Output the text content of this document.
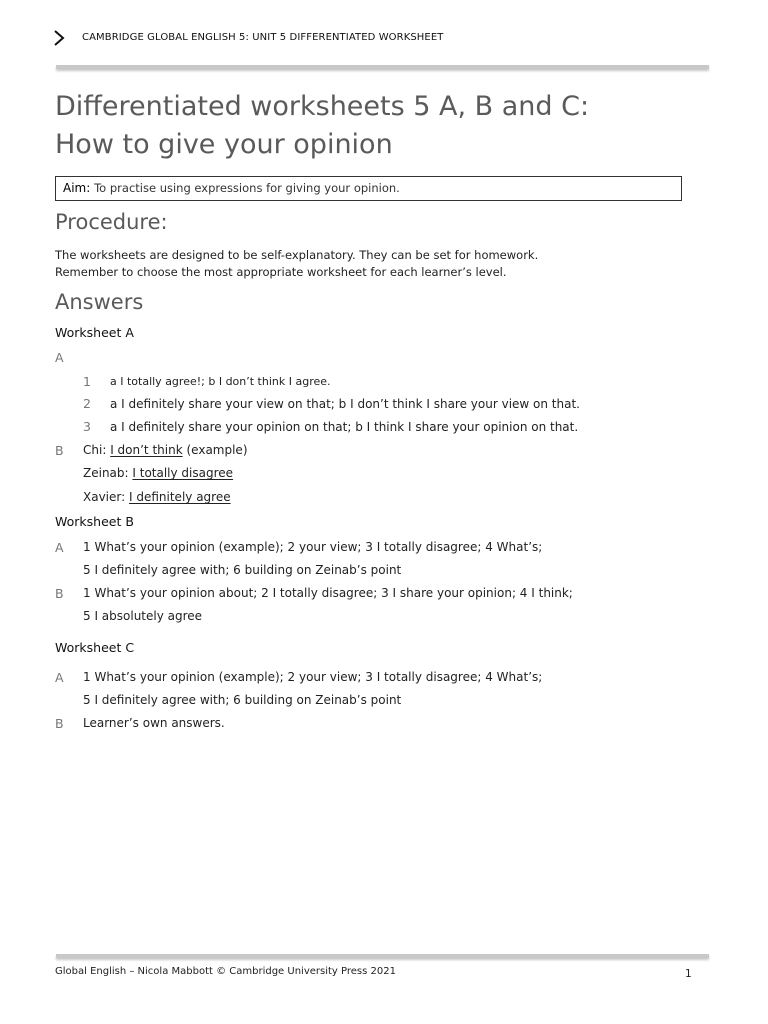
CAMBRIDGE GLOBAL ENGLISH 5: UNIT 5 DIFFERENTIATED WORKSHEET
Differentiated worksheets 5 A, B and C:
How to give your opinion
Aim: To practise using expressions for giving your opinion.
Procedure:
The worksheets are designed to be self-explanatory. They can be set for homework.
Remember to choose the most appropriate worksheet for each learner’s level.
Answers
Worksheet A
A
1 a I totally agree!; b I don’t think I agree.
2 a I definitely share your view on that; b I don’t think I share your view on that.
3 a I definitely share your opinion on that; b I think I share your opinion on that.
B Chi: I don’t think (example)
Zeinab: I totally disagree
Xavier: I definitely agree
Worksheet B
A 1 What’s your opinion (example); 2 your view; 3 I totally disagree; 4 What’s;
5 I definitely agree with; 6 building on Zeinab’s point
B 1 What’s your opinion about; 2 I totally disagree; 3 I share your opinion; 4 I think;
5 I absolutely agree
Worksheet C
A 1 What’s your opinion (example); 2 your view; 3 I totally disagree; 4 What’s;
5 I definitely agree with; 6 building on Zeinab’s point
B Learner’s own answers.
Global English – Nicola Mabbott © Cambridge University Press 2021	1
